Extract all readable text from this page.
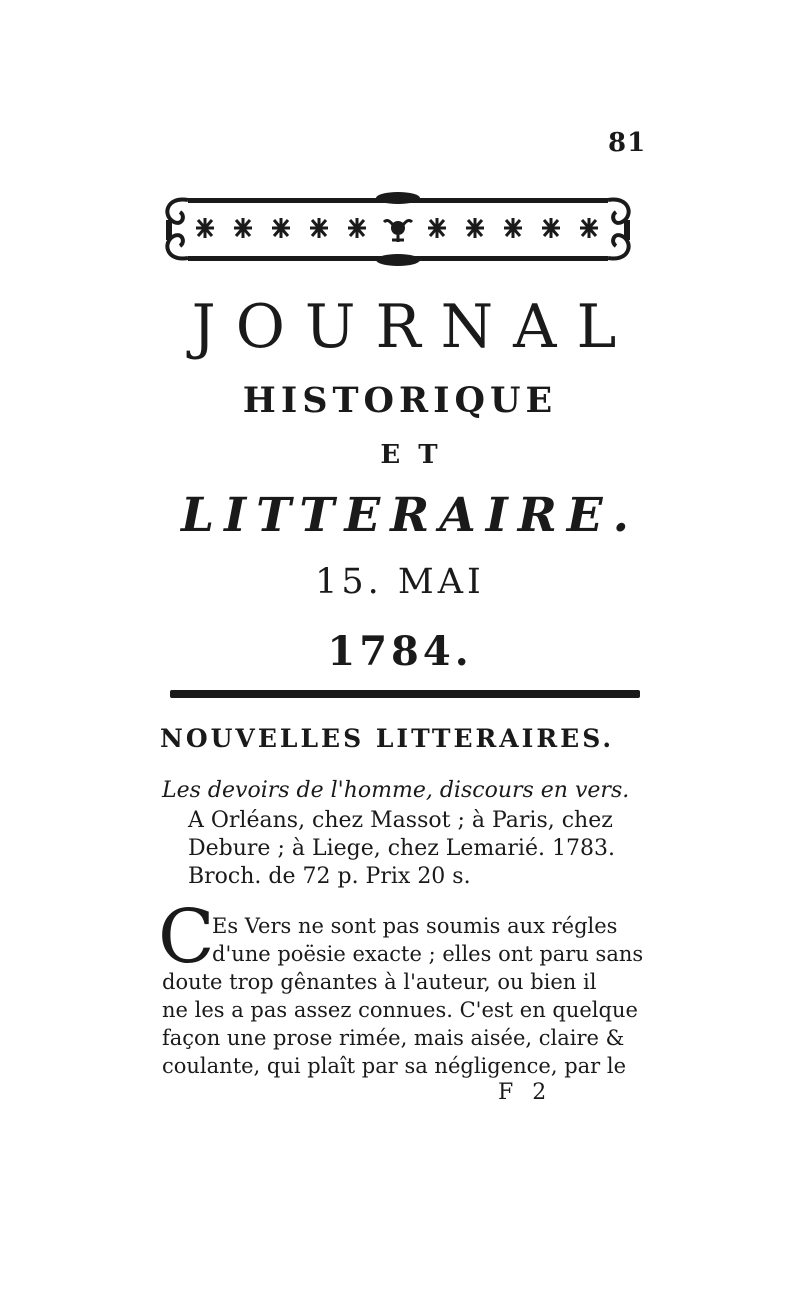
81
JOURNAL
HISTORIQUE
ET
LITTERAIRE.
15. MAI
1784.
NOUVELLES LITTERAIRES.
Les devoirs de l'homme, discours en vers.
A Orléans, chez Massot ; à Paris, chez
Debure ; à Liege, chez Lemarié. 1783.
Broch. de 72 p. Prix 20 s.
C
Es Vers ne sont pas soumis aux régles
d'une poësie exacte ; elles ont paru sans
doute trop gênantes à l'auteur, ou bien il
ne les a pas assez connues. C'est en quelque
façon une prose rimée, mais aisée, claire &
coulante, qui plaît par sa négligence, par le
F 2
